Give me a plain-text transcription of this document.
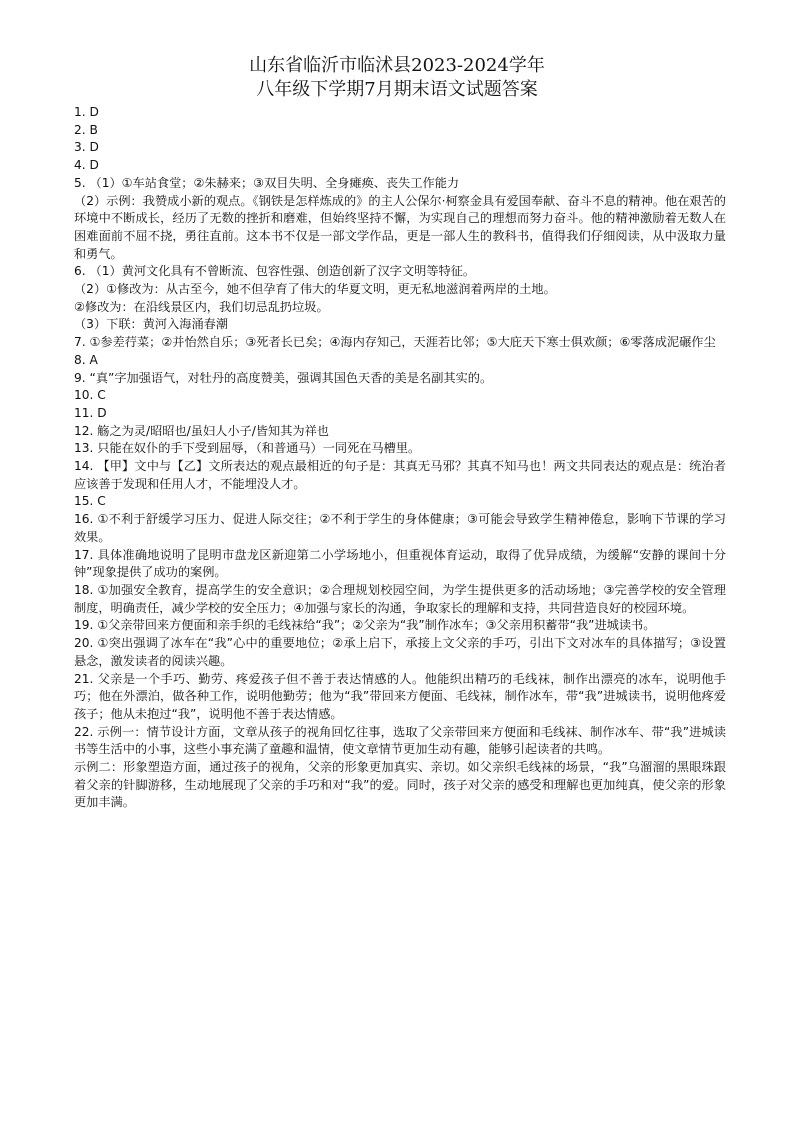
山东省临沂市临沭县2023-2024学年
八年级下学期7月期末语文试题答案

1. D

2. B

3. D

4. D

5. （1）①车站食堂；②朱赫来；③双目失明、全身瘫痪、丧失工作能力

（2）示例：我赞成小新的观点。《钢铁是怎样炼成的》的主人公保尔·柯察金具有爱国奉献、奋斗不息的精神。他在艰苦的环境中不断成长，经历了无数的挫折和磨难，但始终坚持不懈，为实现自己的理想而努力奋斗。他的精神激励着无数人在困难面前不屈不挠，勇往直前。这本书不仅是一部文学作品，更是一部人生的教科书，值得我们仔细阅读，从中汲取力量和勇气。

6. （1）黄河文化具有不曾断流、包容性强、创造创新了汉字文明等特征。

（2）①修改为：从古至今，她不但孕育了伟大的华夏文明，更无私地滋润着两岸的土地。

②修改为：在沿线景区内，我们切忌乱扔垃圾。

（3）下联：黄河入海涌春潮

7. ①参差荇菜；②并怡然自乐；③死者长已矣；④海内存知己，天涯若比邻；⑤大庇天下寒士俱欢颜；⑥零落成泥碾作尘

8. A

9. “真”字加强语气，对牡丹的高度赞美，强调其国色天香的美是名副其实的。

10. C

11. D

12. 觞之为灵/昭昭也/虽妇人小子/皆知其为祥也

13. 只能在奴仆的手下受到屈辱，（和普通马）一同死在马槽里。

14. 【甲】文中与【乙】文所表达的观点最相近的句子是：其真无马邪？其真不知马也！两文共同表达的观点是：统治者应该善于发现和任用人才，不能埋没人才。

15. C

16. ①不利于舒缓学习压力、促进人际交往；②不利于学生的身体健康；③可能会导致学生精神倦怠，影响下节课的学习效果。

17. 具体准确地说明了昆明市盘龙区新迎第二小学场地小，但重视体育运动，取得了优异成绩，为缓解“安静的课间十分钟”现象提供了成功的案例。

18. ①加强安全教育，提高学生的安全意识；②合理规划校园空间，为学生提供更多的活动场地；③完善学校的安全管理制度，明确责任，减少学校的安全压力；④加强与家长的沟通，争取家长的理解和支持，共同营造良好的校园环境。

19. ①父亲带回来方便面和亲手织的毛线袜给“我”；②父亲为“我”制作冰车；③父亲用积蓄带“我”进城读书。

20. ①突出强调了冰车在“我”心中的重要地位；②承上启下，承接上文父亲的手巧，引出下文对冰车的具体描写；③设置悬念，激发读者的阅读兴趣。

21. 父亲是一个手巧、勤劳、疼爱孩子但不善于表达情感的人。他能织出精巧的毛线袜，制作出漂亮的冰车，说明他手巧；他在外漂泊，做各种工作，说明他勤劳；他为“我”带回来方便面、毛线袜，制作冰车，带“我”进城读书，说明他疼爱孩子；他从未抱过“我”，说明他不善于表达情感。

22. 示例一：情节设计方面，文章从孩子的视角回忆往事，选取了父亲带回来方便面和毛线袜、制作冰车、带“我”进城读书等生活中的小事，这些小事充满了童趣和温情，使文章情节更加生动有趣，能够引起读者的共鸣。

示例二：形象塑造方面，通过孩子的视角，父亲的形象更加真实、亲切。如父亲织毛线袜的场景，“我”乌溜溜的黑眼珠跟着父亲的针脚游移，生动地展现了父亲的手巧和对“我”的爱。同时，孩子对父亲的感受和理解也更加纯真，使父亲的形象更加丰满。
